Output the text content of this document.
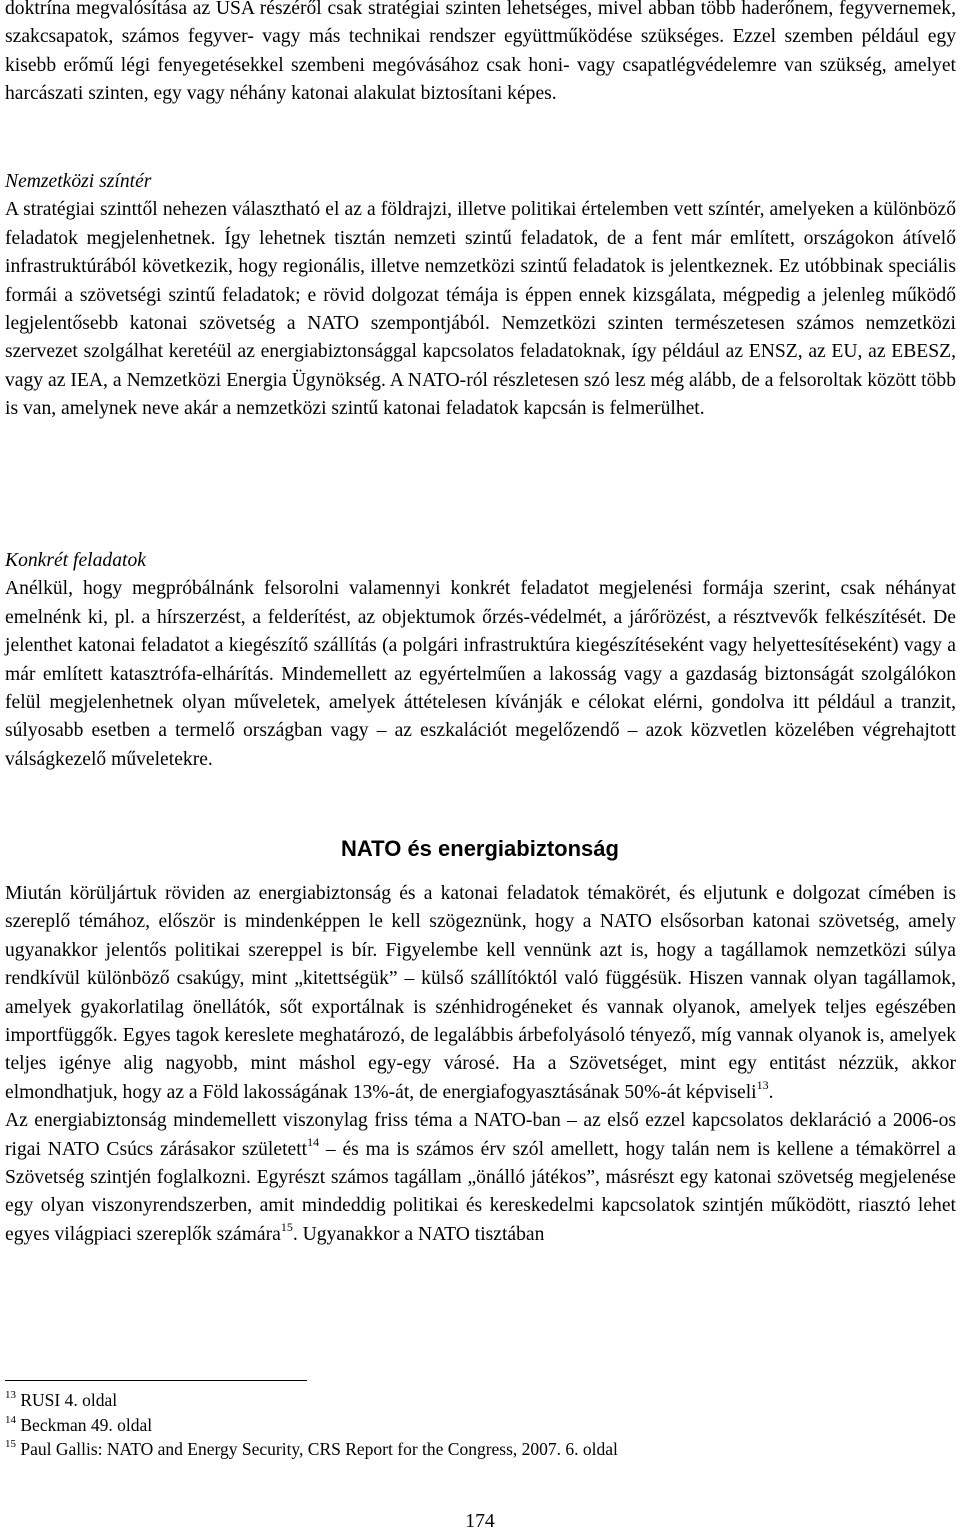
doktrína megvalósítása az USA részéről csak stratégiai szinten lehetséges, mivel abban több haderőnem, fegyvernemek, szakcsapatok, számos fegyver- vagy más technikai rendszer együttműködése szükséges. Ezzel szemben például egy kisebb erőmű légi fenyegetésekkel szembeni megóvásához csak honi- vagy csapatlégvédelemre van szükség, amelyet harcászati szinten, egy vagy néhány katonai alakulat biztosítani képes.

Nemzetközi színtér

A stratégiai szinttől nehezen választható el az a földrajzi, illetve politikai értelemben vett színtér, amelyeken a különböző feladatok megjelenhetnek. Így lehetnek tisztán nemzeti szintű feladatok, de a fent már említett, országokon átívelő infrastruktúrából következik, hogy regionális, illetve nemzetközi szintű feladatok is jelentkeznek. Ez utóbbinak speciális formái a szövetségi szintű feladatok; e rövid dolgozat témája is éppen ennek kizsgálata, mégpedig a jelenleg működő legjelentősebb katonai szövetség a NATO szempontjából. Nemzetközi szinten természetesen számos nemzetközi szervezet szolgálhat keretéül az energiabiztonsággal kapcsolatos feladatoknak, így például az ENSZ, az EU, az EBESZ, vagy az IEA, a Nemzetközi Energia Ügynökség. A NATO-ról részletesen szó lesz még alább, de a felsoroltak között több is van, amelynek neve akár a nemzetközi szintű katonai feladatok kapcsán is felmerülhet.

Konkrét feladatok

Anélkül, hogy megpróbálnánk felsorolni valamennyi konkrét feladatot megjelenési formája szerint, csak néhányat emelnénk ki, pl. a hírszerzést, a felderítést, az objektumok őrzés-védelmét, a járőrözést, a résztvevők felkészítését. De jelenthet katonai feladatot a kiegészítő szállítás (a polgári infrastruktúra kiegészítéseként vagy helyettesítéseként) vagy a már említett katasztrófa-elhárítás. Mindemellett az egyértelműen a lakosság vagy a gazdaság biztonságát szolgálókon felül megjelenhetnek olyan műveletek, amelyek áttételesen kívánják e célokat elérni, gondolva itt például a tranzit, súlyosabb esetben a termelő országban vagy – az eszkalációt megelőzendő – azok közvetlen közelében végrehajtott válságkezelő műveletekre.

NATO és energiabiztonság

Miután körüljártuk röviden az energiabiztonság és a katonai feladatok témakörét, és eljutunk e dolgozat címében is szereplő témához, először is mindenképpen le kell szögeznünk, hogy a NATO elsősorban katonai szövetség, amely ugyanakkor jelentős politikai szereppel is bír. Figyelembe kell vennünk azt is, hogy a tagállamok nemzetközi súlya rendkívül különböző csakúgy, mint „kitettségük” – külső szállítóktól való függésük. Hiszen vannak olyan tagállamok, amelyek gyakorlatilag önellátók, sőt exportálnak is szénhidrogéneket és vannak olyanok, amelyek teljes egészében importfüggők. Egyes tagok kereslete meghatározó, de legalábbis árbefolyásoló tényező, míg vannak olyanok is, amelyek teljes igénye alig nagyobb, mint máshol egy-egy városé. Ha a Szövetséget, mint egy entitást nézzük, akkor elmondhatjuk, hogy az a Föld lakosságának 13%-át, de energiafogyasztásának 50%-át képviseli$^{13}$.

Az energiabiztonság mindemellett viszonylag friss téma a NATO-ban – az első ezzel kapcsolatos deklaráció a 2006-os rigai NATO Csúcs zárásakor született$^{14}$ – és ma is számos érv szól amellett, hogy talán nem is kellene a témakörrel a Szövetség szintjén foglalkozni. Egyrészt számos tagállam „önálló játékos”, másrészt egy katonai szövetség megjelenése egy olyan viszonyrendszerben, amit mindeddig politikai és kereskedelmi kapcsolatok szintjén működött, riasztó lehet egyes világpiaci szereplők számára$^{15}$. Ugyanakkor a NATO tisztában

$^{13}$ RUSI 4. oldal
$^{14}$ Beckman 49. oldal
$^{15}$ Paul Gallis: NATO and Energy Security, CRS Report for the Congress, 2007. 6. oldal
174
